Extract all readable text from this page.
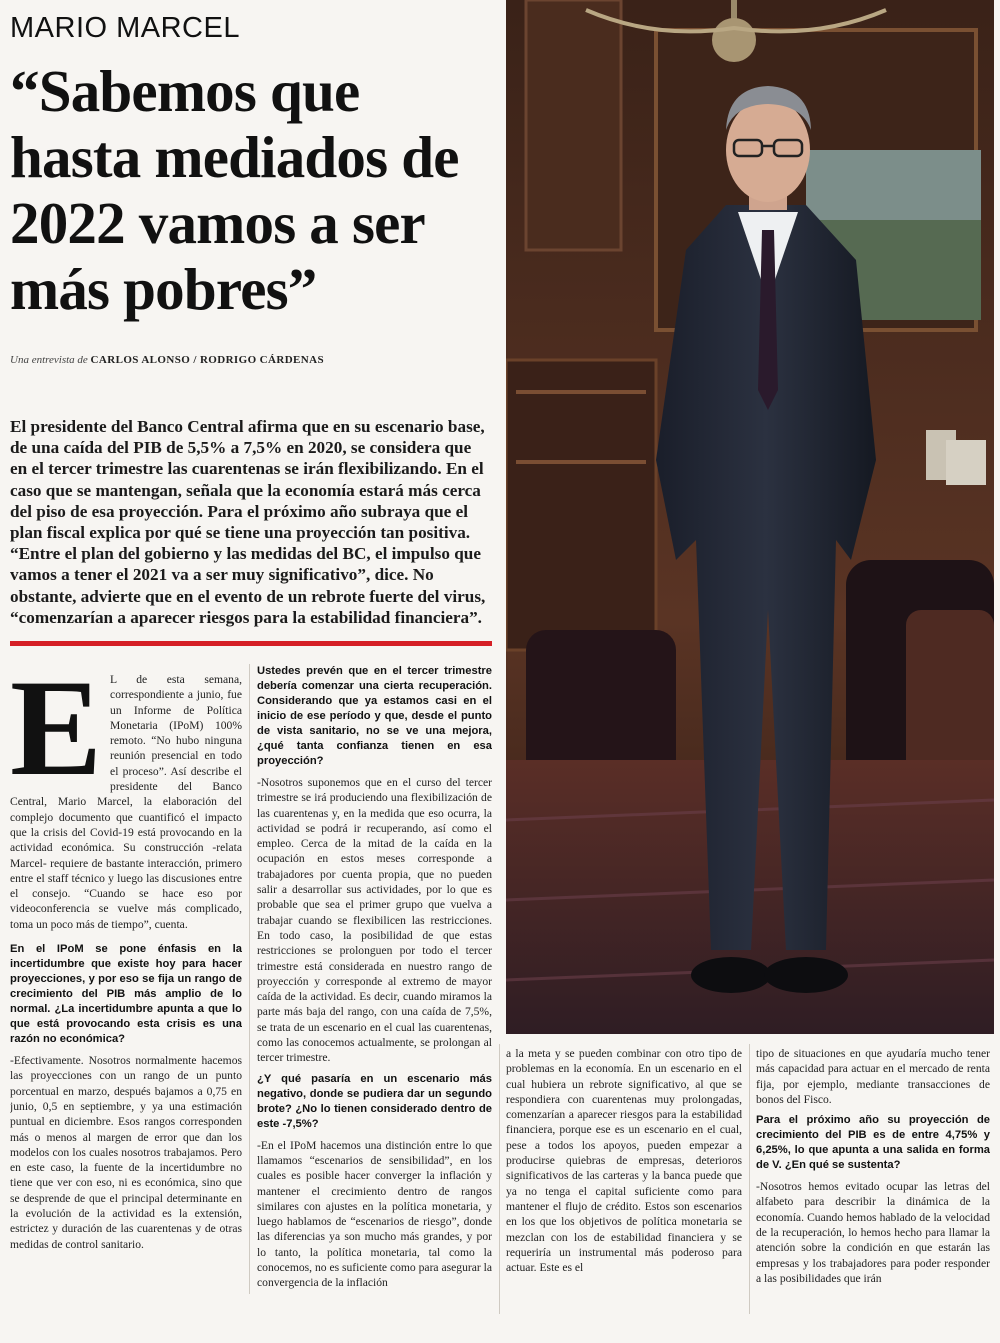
MARIO MARCEL
“Sabemos que hasta mediados de 2022 vamos a ser más pobres”
Una entrevista de CARLOS ALONSO / RODRIGO CÁRDENAS
El presidente del Banco Central afirma que en su escenario base, de una caída del PIB de 5,5% a 7,5% en 2020, se considera que en el tercer trimestre las cuarentenas se irán flexibilizando. En el caso que se mantengan, señala que la economía estará más cerca del piso de esa proyección. Para el próximo año subraya que el plan fiscal explica por qué se tiene una proyección tan positiva. “Entre el plan del gobierno y las medidas del BC, el impulso que vamos a tener el 2021 va a ser muy significativo”, dice. No obstante, advierte que en el evento de un rebrote fuerte del virus, “comenzarían a aparecer riesgos para la estabilidad financiera”.

E L de esta semana, correspondiente a junio, fue un Informe de Política Monetaria (IPoM) 100% remoto. “No hubo ninguna reunión presencial en todo el proceso”. Así describe el presidente del Banco Central, Mario Marcel, la elaboración del complejo documento que cuantificó el impacto que la crisis del Covid-19 está provocando en la actividad económica. Su construcción -relata Marcel- requiere de bastante interacción, primero entre el staff técnico y luego las discusiones entre el consejo. “Cuando se hace eso por videoconferencia se vuelve más complicado, toma un poco más de tiempo”, cuenta.

En el IPoM se pone énfasis en la incertidumbre que existe hoy para hacer proyecciones, y por eso se fija un rango de crecimiento del PIB más amplio de lo normal. ¿La incertidumbre apunta a que lo que está provocando esta crisis es una razón no económica?

-Efectivamente. Nosotros normalmente hacemos las proyecciones con un rango de un punto porcentual en marzo, después bajamos a 0,75 en junio, 0,5 en septiembre, y ya una estimación puntual en diciembre. Esos rangos corresponden más o menos al margen de error que dan los modelos con los cuales nosotros trabajamos. Pero en este caso, la fuente de la incertidumbre no tiene que ver con eso, ni es económica, sino que se desprende de que el principal determinante en la evolución de la actividad es la extensión, estrictez y duración de las cuarentenas y de otras medidas de control sanitario.

Ustedes prevén que en el tercer trimestre debería comenzar una cierta recuperación. Considerando que ya estamos casi en el inicio de ese período y que, desde el punto de vista sanitario, no se ve una mejora, ¿qué tanta confianza tienen en esa proyección?

-Nosotros suponemos que en el curso del tercer trimestre se irá produciendo una flexibilización de las cuarentenas y, en la medida que eso ocurra, la actividad se podrá ir recuperando, así como el empleo. Cerca de la mitad de la caída en la ocupación en estos meses corresponde a trabajadores por cuenta propia, que no pueden salir a desarrollar sus actividades, por lo que es probable que sea el primer grupo que vuelva a trabajar cuando se flexibilicen las restricciones. En todo caso, la posibilidad de que estas restricciones se prolonguen por todo el tercer trimestre está considerada en nuestro rango de proyección y corresponde al extremo de mayor caída de la actividad. Es decir, cuando miramos la parte más baja del rango, con una caída de 7,5%, se trata de un escenario en el cual las cuarentenas, como las conocemos actualmente, se prolongan al tercer trimestre.

¿Y qué pasaría en un escenario más negativo, donde se pudiera dar un segundo brote? ¿No lo tienen considerado dentro de este -7,5%?

-En el IPoM hacemos una distinción entre lo que llamamos “escenarios de sensibilidad”, en los cuales es posible hacer converger la inflación y mantener el crecimiento dentro de rangos similares con ajustes en la política monetaria, y luego hablamos de “escenarios de riesgo”, donde las diferencias ya son mucho más grandes, y por lo tanto, la política monetaria, tal como la conocemos, no es suficiente como para asegurar la convergencia de la inflación

a la meta y se pueden combinar con otro tipo de problemas en la economía. En un escenario en el cual hubiera un rebrote significativo, al que se respondiera con cuarentenas muy prolongadas, comenzarían a aparecer riesgos para la estabilidad financiera, porque ese es un escenario en el cual, pese a todos los apoyos, pueden empezar a producirse quiebras de empresas, deterioros significativos de las carteras y la banca puede que ya no tenga el capital suficiente como para mantener el flujo de crédito. Estos son escenarios en los que los objetivos de política monetaria se mezclan con los de estabilidad financiera y se requeriría un instrumental más poderoso para actuar. Este es el

tipo de situaciones en que ayudaría mucho tener más capacidad para actuar en el mercado de renta fija, por ejemplo, mediante transacciones de bonos del Fisco.

Para el próximo año su proyección de crecimiento del PIB es de entre 4,75% y 6,25%, lo que apunta a una salida en forma de V. ¿En qué se sustenta?

-Nosotros hemos evitado ocupar las letras del alfabeto para describir la dinámica de la economía. Cuando hemos hablado de la velocidad de la recuperación, lo hemos hecho para llamar la atención sobre la condición en que estarán las empresas y los trabajadores para poder responder a las posibilidades que irán
